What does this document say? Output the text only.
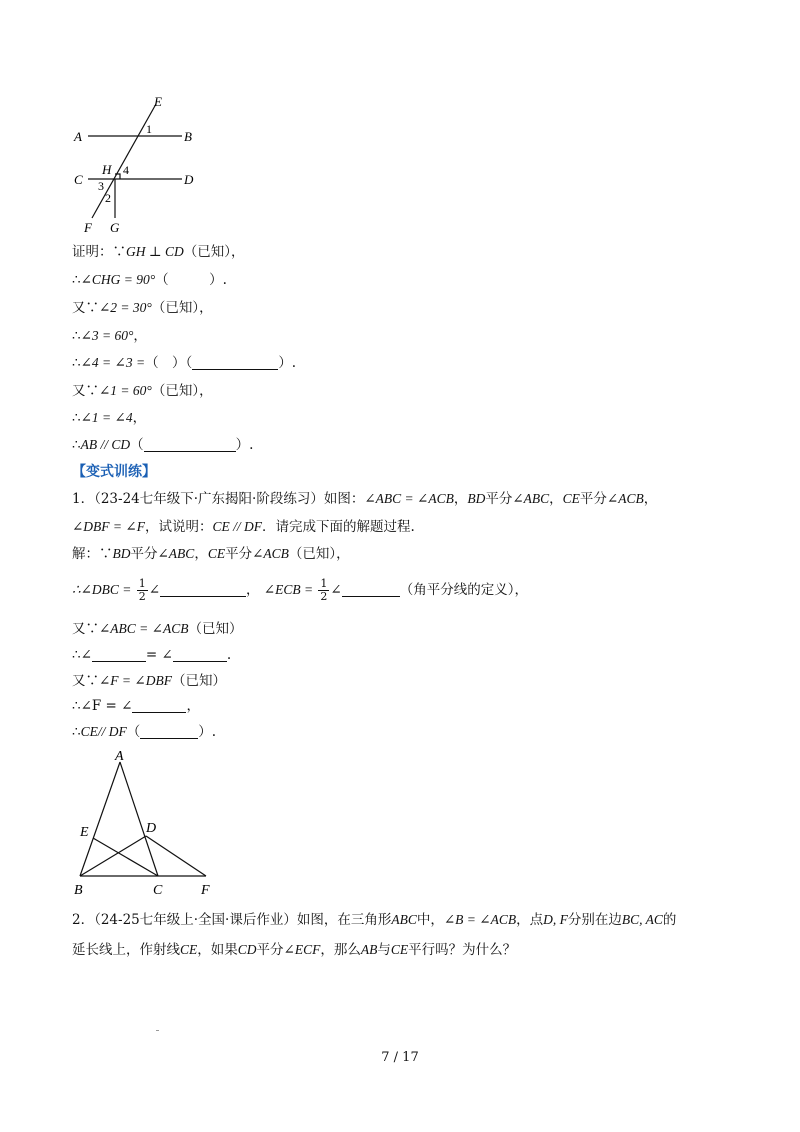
E
A	1 B
H 4
C 3	D
2
F G
证明：∵GH ⊥ CD（已知），
∴∠CHG = 90°（　　　）.
又∵∠2 = 30°（已知），
∴∠3 = 60°，
∴∠4 = ∠3 =（　）（	）.
又∵∠1 = 60°（已知），
∴∠1 = ∠4，
∴AB // CD（	）.
【变式训练】
1．（23-24七年级下·广东揭阳·阶段练习）如图：∠ABC = ∠ACB，BD平分∠ABC，CE平分∠ACB，
∠DBF = ∠F，试说明：CE // DF．请完成下面的解题过程.
解：∵BD平分∠ABC，CE平分∠ACB（已知），
∴∠DBC = $\frac{1}{2}$ ∠	， ∠ECB = $\frac{1}{2}$ ∠	（角平分线的定义），
又∵∠ABC = ∠ACB（已知）
∴∠	= ∠	.
又∵∠F = ∠DBF（已知）
∴∠F = ∠	，
∴CE// DF（	）.
A
E	D
B	C	F
2．（24-25七年级上·全国·课后作业）如图，在三角形ABC中，∠B = ∠ACB，点D, F分别在边BC, AC的
延长线上，作射线CE，如果CD平分∠ECF，那么AB与CE平行吗？为什么？
7 / 17
